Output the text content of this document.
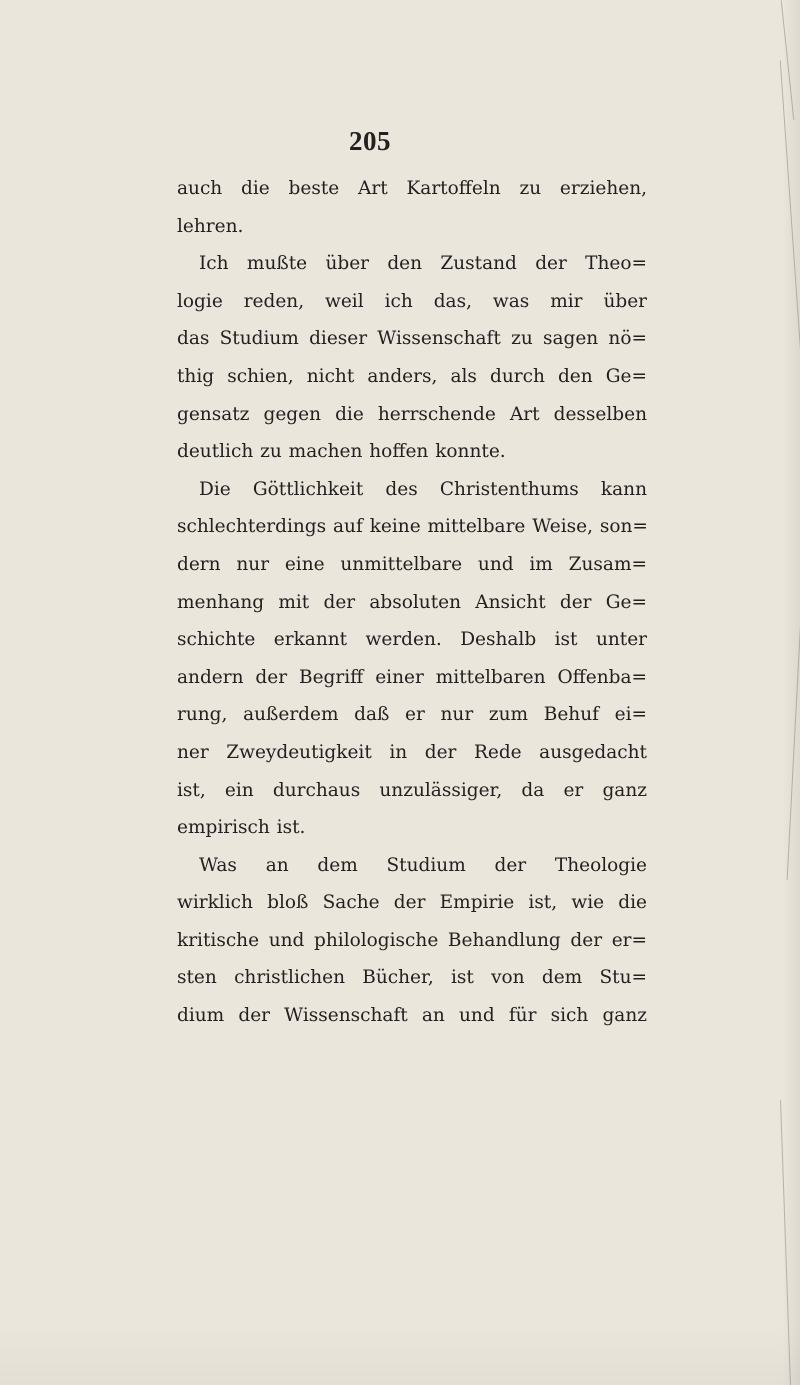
205
auch die beste Art Kartoffeln zu erziehen,
lehren.
Ich mußte über den Zustand der Theo=
logie reden, weil ich das, was mir über
das Studium dieser Wissenschaft zu sagen nö=
thig schien, nicht anders, als durch den Ge=
gensatz gegen die herrschende Art desselben
deutlich zu machen hoffen konnte.
Die Göttlichkeit des Christenthums kann
schlechterdings auf keine mittelbare Weise, son=
dern nur eine unmittelbare und im Zusam=
menhang mit der absoluten Ansicht der Ge=
schichte erkannt werden. Deshalb ist unter
andern der Begriff einer mittelbaren Offenba=
rung, außerdem daß er nur zum Behuf ei=
ner Zweydeutigkeit in der Rede ausgedacht
ist, ein durchaus unzulässiger, da er ganz
empirisch ist.
Was an dem Studium der Theologie
wirklich bloß Sache der Empirie ist, wie die
kritische und philologische Behandlung der er=
sten christlichen Bücher, ist von dem Stu=
dium der Wissenschaft an und für sich ganz
